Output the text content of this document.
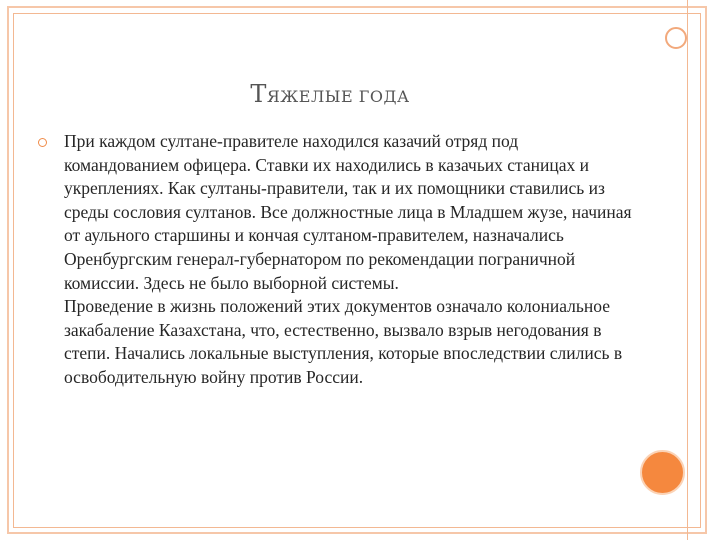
ТЯЖЕЛЫЕ ГОДА

При каждом султане-правителе находился казачий отряд под командованием офицера. Ставки их находились в казачьих станицах и укреплениях. Как султаны-правители, так и их помощники ставились из среды сословия султанов. Все должностные лица в Младшем жузе, начиная от аульного старшины и кончая султаном-правителем, назначались Оренбургским генерал-губернатором по рекомендации пограничной комиссии. Здесь не было выборной системы.

Проведение в жизнь положений этих документов означало колониальное закабаление Казахстана, что, естественно, вызвало взрыв негодования в степи. Начались локальные выступления, которые впоследствии слились в освободительную войну против России.
